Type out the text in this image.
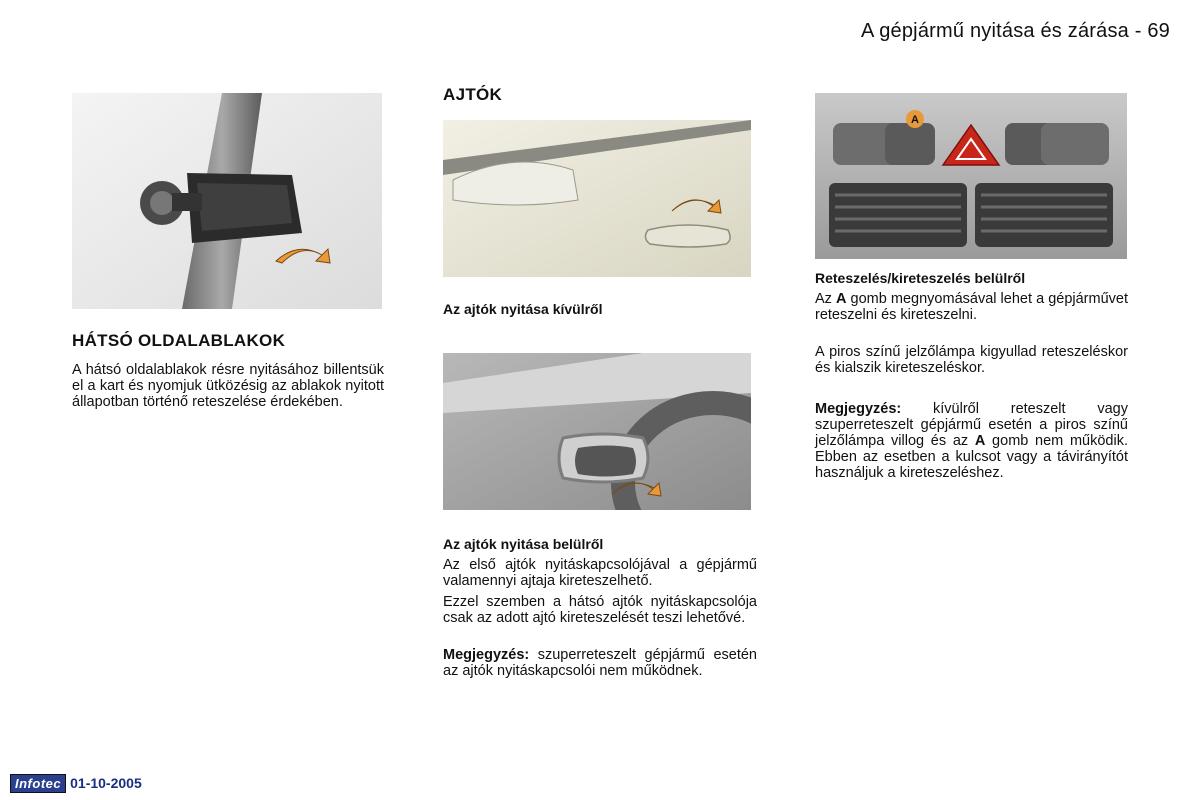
A gépjármű nyitása és zárása - 69
HÁTSÓ OLDALABLAKOK

A hátsó oldalablakok résre nyitásához billentsük el a kart és nyomjuk ütközésig az ablakok nyitott állapotban történő reteszelése érdekében.

AJTÓK
Az ajtók nyitása kívülről
Az ajtók nyitása belülről

Az első ajtók nyitáskapcsolójával a gépjármű valamennyi ajtaja kireteszelhető.

Ezzel szemben a hátsó ajtók nyitáskapcsolója csak az adott ajtó kireteszelését teszi lehetővé.

Megjegyzés: szuperreteszelt gépjármű esetén az ajtók nyitáskapcsolói nem működnek.

A
Reteszelés/kireteszelés belülről

Az A gomb megnyomásával lehet a gépjárművet reteszelni és kireteszelni.

A piros színű jelzőlámpa kigyullad reteszeléskor és kialszik kireteszeléskor.

Megjegyzés: kívülről reteszelt vagy szuperreteszelt gépjármű esetén a piros színű jelzőlámpa villog és az A gomb nem működik. Ebben az esetben a kulcsot vagy a távirányítót használjuk a kireteszeléshez.

Infotec 01-10-2005
